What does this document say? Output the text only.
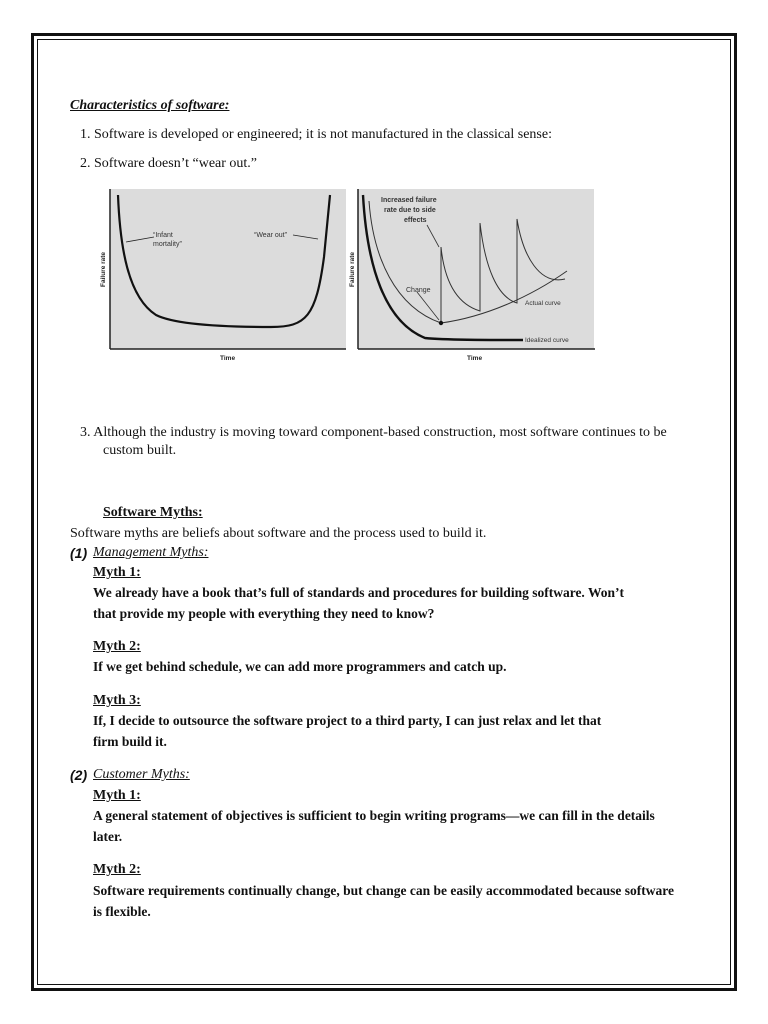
Characteristics of software:
1. Software is developed or engineered; it is not manufactured in the classical sense:
2. Software doesn’t “wear out.”
“Infant
mortality”
“Wear out”
Failure rate
Time
Increased failure
rate due to side
effects
Change
Actual curve
Idealized curve
Failure rate
Time
3. Although the industry is moving toward component-based construction, most software continues to be
custom built.
Software Myths:
Software myths are beliefs about software and the process used to build it.
(1) Management Myths:
Myth 1:
We already have a book that’s full of standards and procedures for building software. Won’t
that provide my people with everything they need to know?
Myth 2:
If we get behind schedule, we can add more programmers and catch up.
Myth 3:
If, I decide to outsource the software project to a third party, I can just relax and let that
firm build it.
(2) Customer Myths:
Myth 1:
A general statement of objectives is sufficient to begin writing programs—we can fill in the details
later.
Myth 2:
Software requirements continually change, but change can be easily accommodated because software
is flexible.
